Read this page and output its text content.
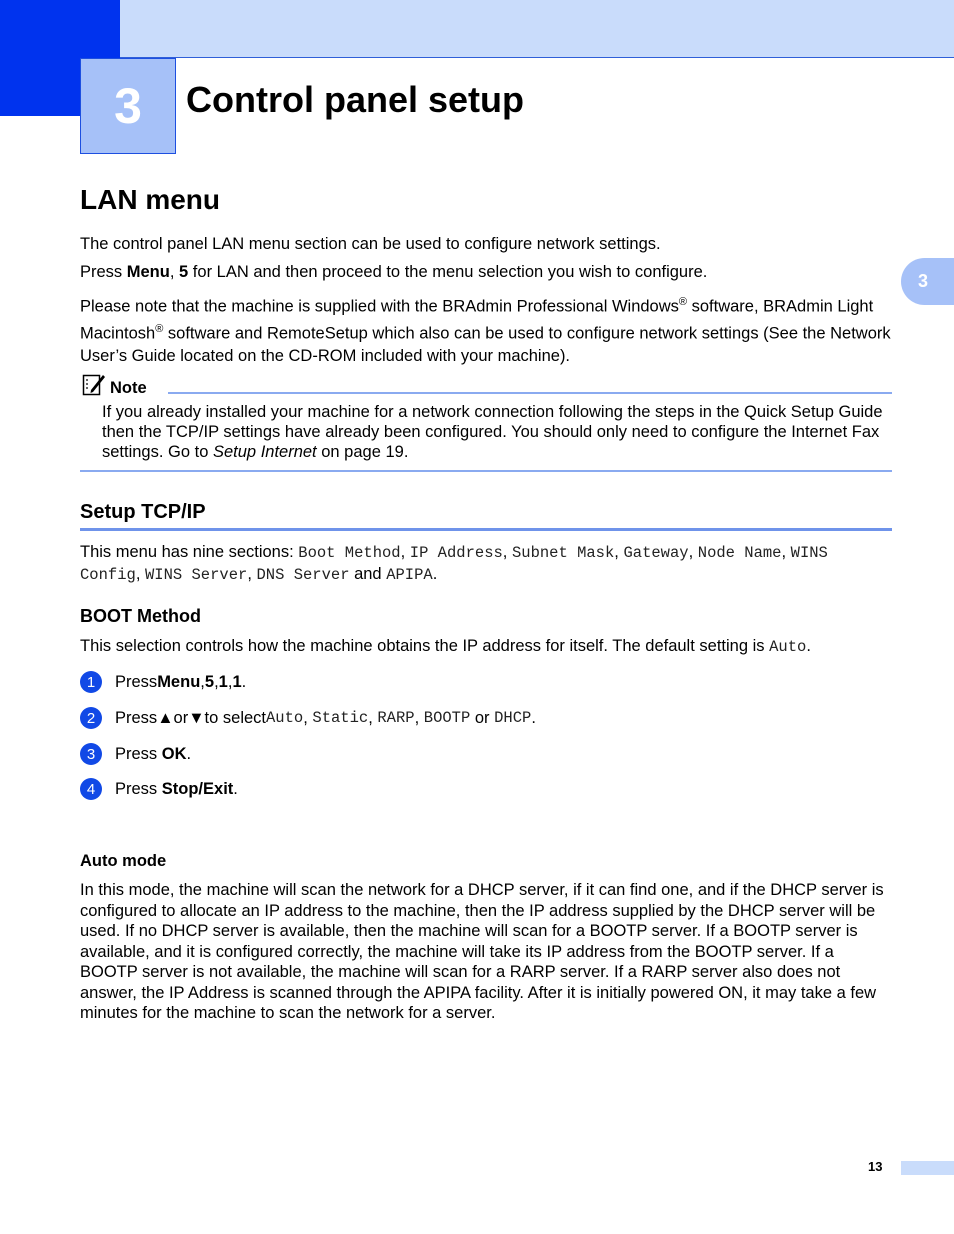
3 Control panel setup
3
LAN menu

The control panel LAN menu section can be used to configure network settings.

Press Menu, 5 for LAN and then proceed to the menu selection you wish to configure.

Please note that the machine is supplied with the BRAdmin Professional Windows® software, BRAdmin Light Macintosh® software and RemoteSetup which also can be used to configure network settings (See the Network User’s Guide located on the CD-ROM included with your machine).

Note

If you already installed your machine for a network connection following the steps in the Quick Setup Guide then the TCP/IP settings have already been configured. You should only need to configure the Internet Fax settings. Go to Setup Internet on page 19.

Setup TCP/IP

This menu has nine sections: Boot Method, IP Address, Subnet Mask, Gateway, Node Name, WINS Config, WINS Server, DNS Server and APIPA.

BOOT Method

This selection controls how the machine obtains the IP address for itself. The default setting is Auto.

1	Press Menu , 5 , 1 , 1 .
2	Press ▲ or ▼ to select Auto , Static , RARP , BOOTP or DHCP .
3	Press OK .
4	Press Stop/Exit .
Auto mode

In this mode, the machine will scan the network for a DHCP server, if it can find one, and if the DHCP server is configured to allocate an IP address to the machine, then the IP address supplied by the DHCP server will be used. If no DHCP server is available, then the machine will scan for a BOOTP server. If a BOOTP server is available, and it is configured correctly, the machine will take its IP address from the BOOTP server. If a BOOTP server is not available, the machine will scan for a RARP server. If a RARP server also does not answer, the IP Address is scanned through the APIPA facility. After it is initially powered ON, it may take a few minutes for the machine to scan the network for a server.

13
